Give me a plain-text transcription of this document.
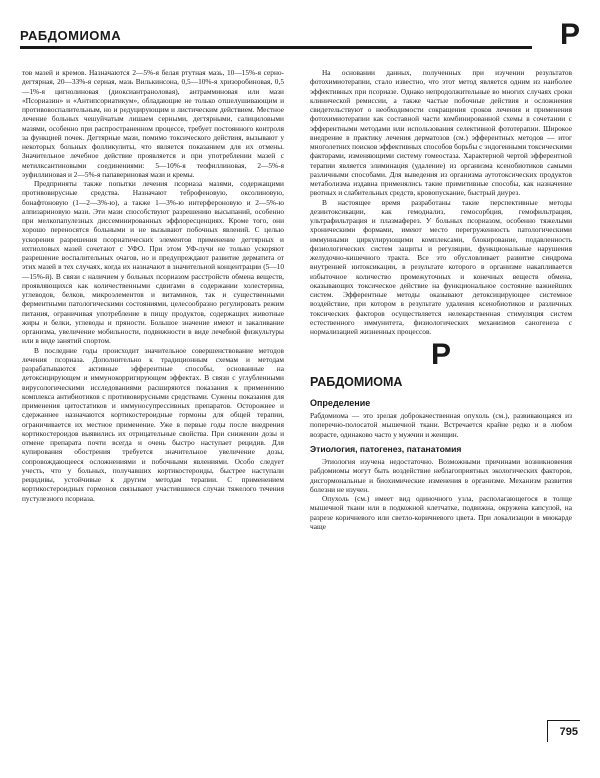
РАБДОМИОМА	Р

тов мазей и кремов. Назначаются 2—5%-я белая ртутная мазь, 10—15%-я серно-дегтярная, 20—33%-я серная, мазь Вилькинсона, 0,5—10%-я хризоробиновая, 0,5—1%-я цигнолиновая (диоксиантраноловая), антрамминовая или мази «Псориазин» и «Антипсориатикум», обладающие не только отшелушивающим и противовоспалительным, но и редуцирующим и листическим действием. Местное лечение больных чешуйчатым лишаем серными, дегтярными, салициловыми мазями, особенно при распространенном процессе, требует постоянного контроля за функцией почек. Дегтярные мази, помимо токсического действия, вызывают у некоторых больных фолликулиты, что является показанием для их отмены. Значительное лечебное действие проявляется и при употреблении мазей с метилксантиновыми соединениями: 5—10%-я теофиллиновая, 2—5%-я эуфиллиновая и 2—5%-я папавериновая мази и кремы.

Предприняты также попытки лечения псориаза мазями, содержащими противовирусные средства. Назначают теброфеновую, оксолиновую, бонафтоновую (1—2—3%-ю), а также 1—3%-ю интерфероновую и 2—5%-ю алпизариновую мази. Эти мази способствуют разрешению высыпаний, особенно при мелкопапулезных диссеминированных эффлоресценциях. Кроме того, они хорошо переносятся больными и не вызывают побочных явлений. С целью ускорения разрешения псориатических элементов применение дегтярных и ихтиоловых мазей сочетают с УФО. При этом УФ-лучи не только ускоряют разрешение воспалительных очагов, но и предупреждают развитие дерматита от этих мазей в тех случаях, когда их назначают в значительной концентрации (5—10—15%-й). В связи с наличием у больных псориазом расстройств обмена веществ, проявляющихся как количественными сдвигами в содержании холестерина, углеводов, белков, микроэлементов и витаминов, так и существенными ферментными патологическими состояниями, целесообразно регулировать режим питания, ограничивая употребление в пищу продуктов, содержащих животные жиры и белки, углеводы и пряности. Большое значение имеют и закаливание организма, увеличение мобильности, подвижности в виде лечебной физкультуры или в виде занятий спортом.

В последние годы происходит значительное совершенствование методов лечения псориаза. Дополнительно к традиционным схемам и методам разрабатываются активные эфферентные способы, основанные на детоксицирующем и иммунокорригирующем эффектах. В связи с углубленными вирусологическими исследованиями расширяются показания к применению комплекса антибиотиков с противовирусными средствами. Сужены показания для применения цитостатиков и иммуносупрессивных препаратов. Осторожнее и сдержаннее назначаются кортикостероидные гормоны для общей терапии, ограничивается их местное применение. Уже в первые годы после внедрения кортикостероидов выявились их отрицательные свойства. При снижении дозы и отмене препарата почти всегда и очень быстро наступает рецидив. Для купирования обострения требуется значительное увеличение дозы, сопровождающееся осложнениями и побочными явлениями. Особо следует учесть, что у больных, получавших кортикостероиды, быстрее наступали рецидивы, устойчивые к другим методам терапии. С применением кортикостероидных гормонов связывают участившиеся случаи тяжелого течения пустулезного псориаза.

На основании данных, полученных при изучении результатов фотохимиотерапии, стало известно, что этот метод является одним из наиболее эффективных при псориазе. Однако непродолжительные во многих случаях сроки клинической ремиссии, а также частые побочные действия и осложнения свидетельствуют о необходимости сокращения сроков лечения и применения фотохимиотерапии как составной части комбинированной схемы в сочетании с эфферентными методами или использования селективной фототерапии. Широкое внедрение в практику лечения дерматозов (см.) эфферентных методов — итог многолетних поисков эффективных способов борьбы с эндогенными токсическими факторами, изменяющими систему гомеостаза. Характерной чертой эфферентной терапии является элиминация (удаление) из организма ксенобиотиков самыми различными способами. Для выведения из организма аутотоксических продуктов метаболизма издавна применялись такие примитивные способы, как назначение рвотных и слабительных средств, кровопускание, быстрый диурез.

В настоящее время разработаны такие перспективные методы дезинтоксикации, как гемодиализ, гемосорбция, гемофильтрация, ультрафильтрация и плазмаферез. У больных псориазом, особенно тяжелыми хроническими формами, имеют место перегруженность патологическими иммунными циркулирующими комплексами, блокирование, подавленность физиологических систем защиты и регуляции, функциональные нарушения желудочно-кишечного тракта. Все это обусловливает развитие синдрома внутренней интоксикации, в результате которого в организме накапливается избыточное количество промежуточных и конечных веществ обмена, оказывающих токсическое действие на функциональное состояние важнейших систем. Эфферентные методы оказывают детоксицирующее системное воздействие, при котором в результате удаления ксенобиотиков и различных токсических факторов осуществляется нелекарственная стимуляция систем естественного иммунитета, физиологических механизмов саногенеза с нормализацией жизненных процессов.

Р
РАБДОМИОМА
Определение

Рабдомиома — это зрелая доброкачественная опухоль (см.), развивающаяся из поперечно-полосатой мышечной ткани. Встречается крайне редко и в любом возрасте, одинаково часто у мужчин и женщин.

Этиология, патогенез, патанатомия

Этиология изучена недостаточно. Возможными причинами возникновения рабдомиомы могут быть воздействие неблагоприятных экологических факторов, дисгормональные и биохимические изменения в организме. Механизм развития болезни не изучен.

Опухоль (см.) имеет вид одиночного узла, располагающегося в толще мышечной ткани или в подкожной клетчатке, подвижна, окружена капсулой, на разрезе коричневого или светло-коричневого цвета. При локализации в миокарде чаще

795
